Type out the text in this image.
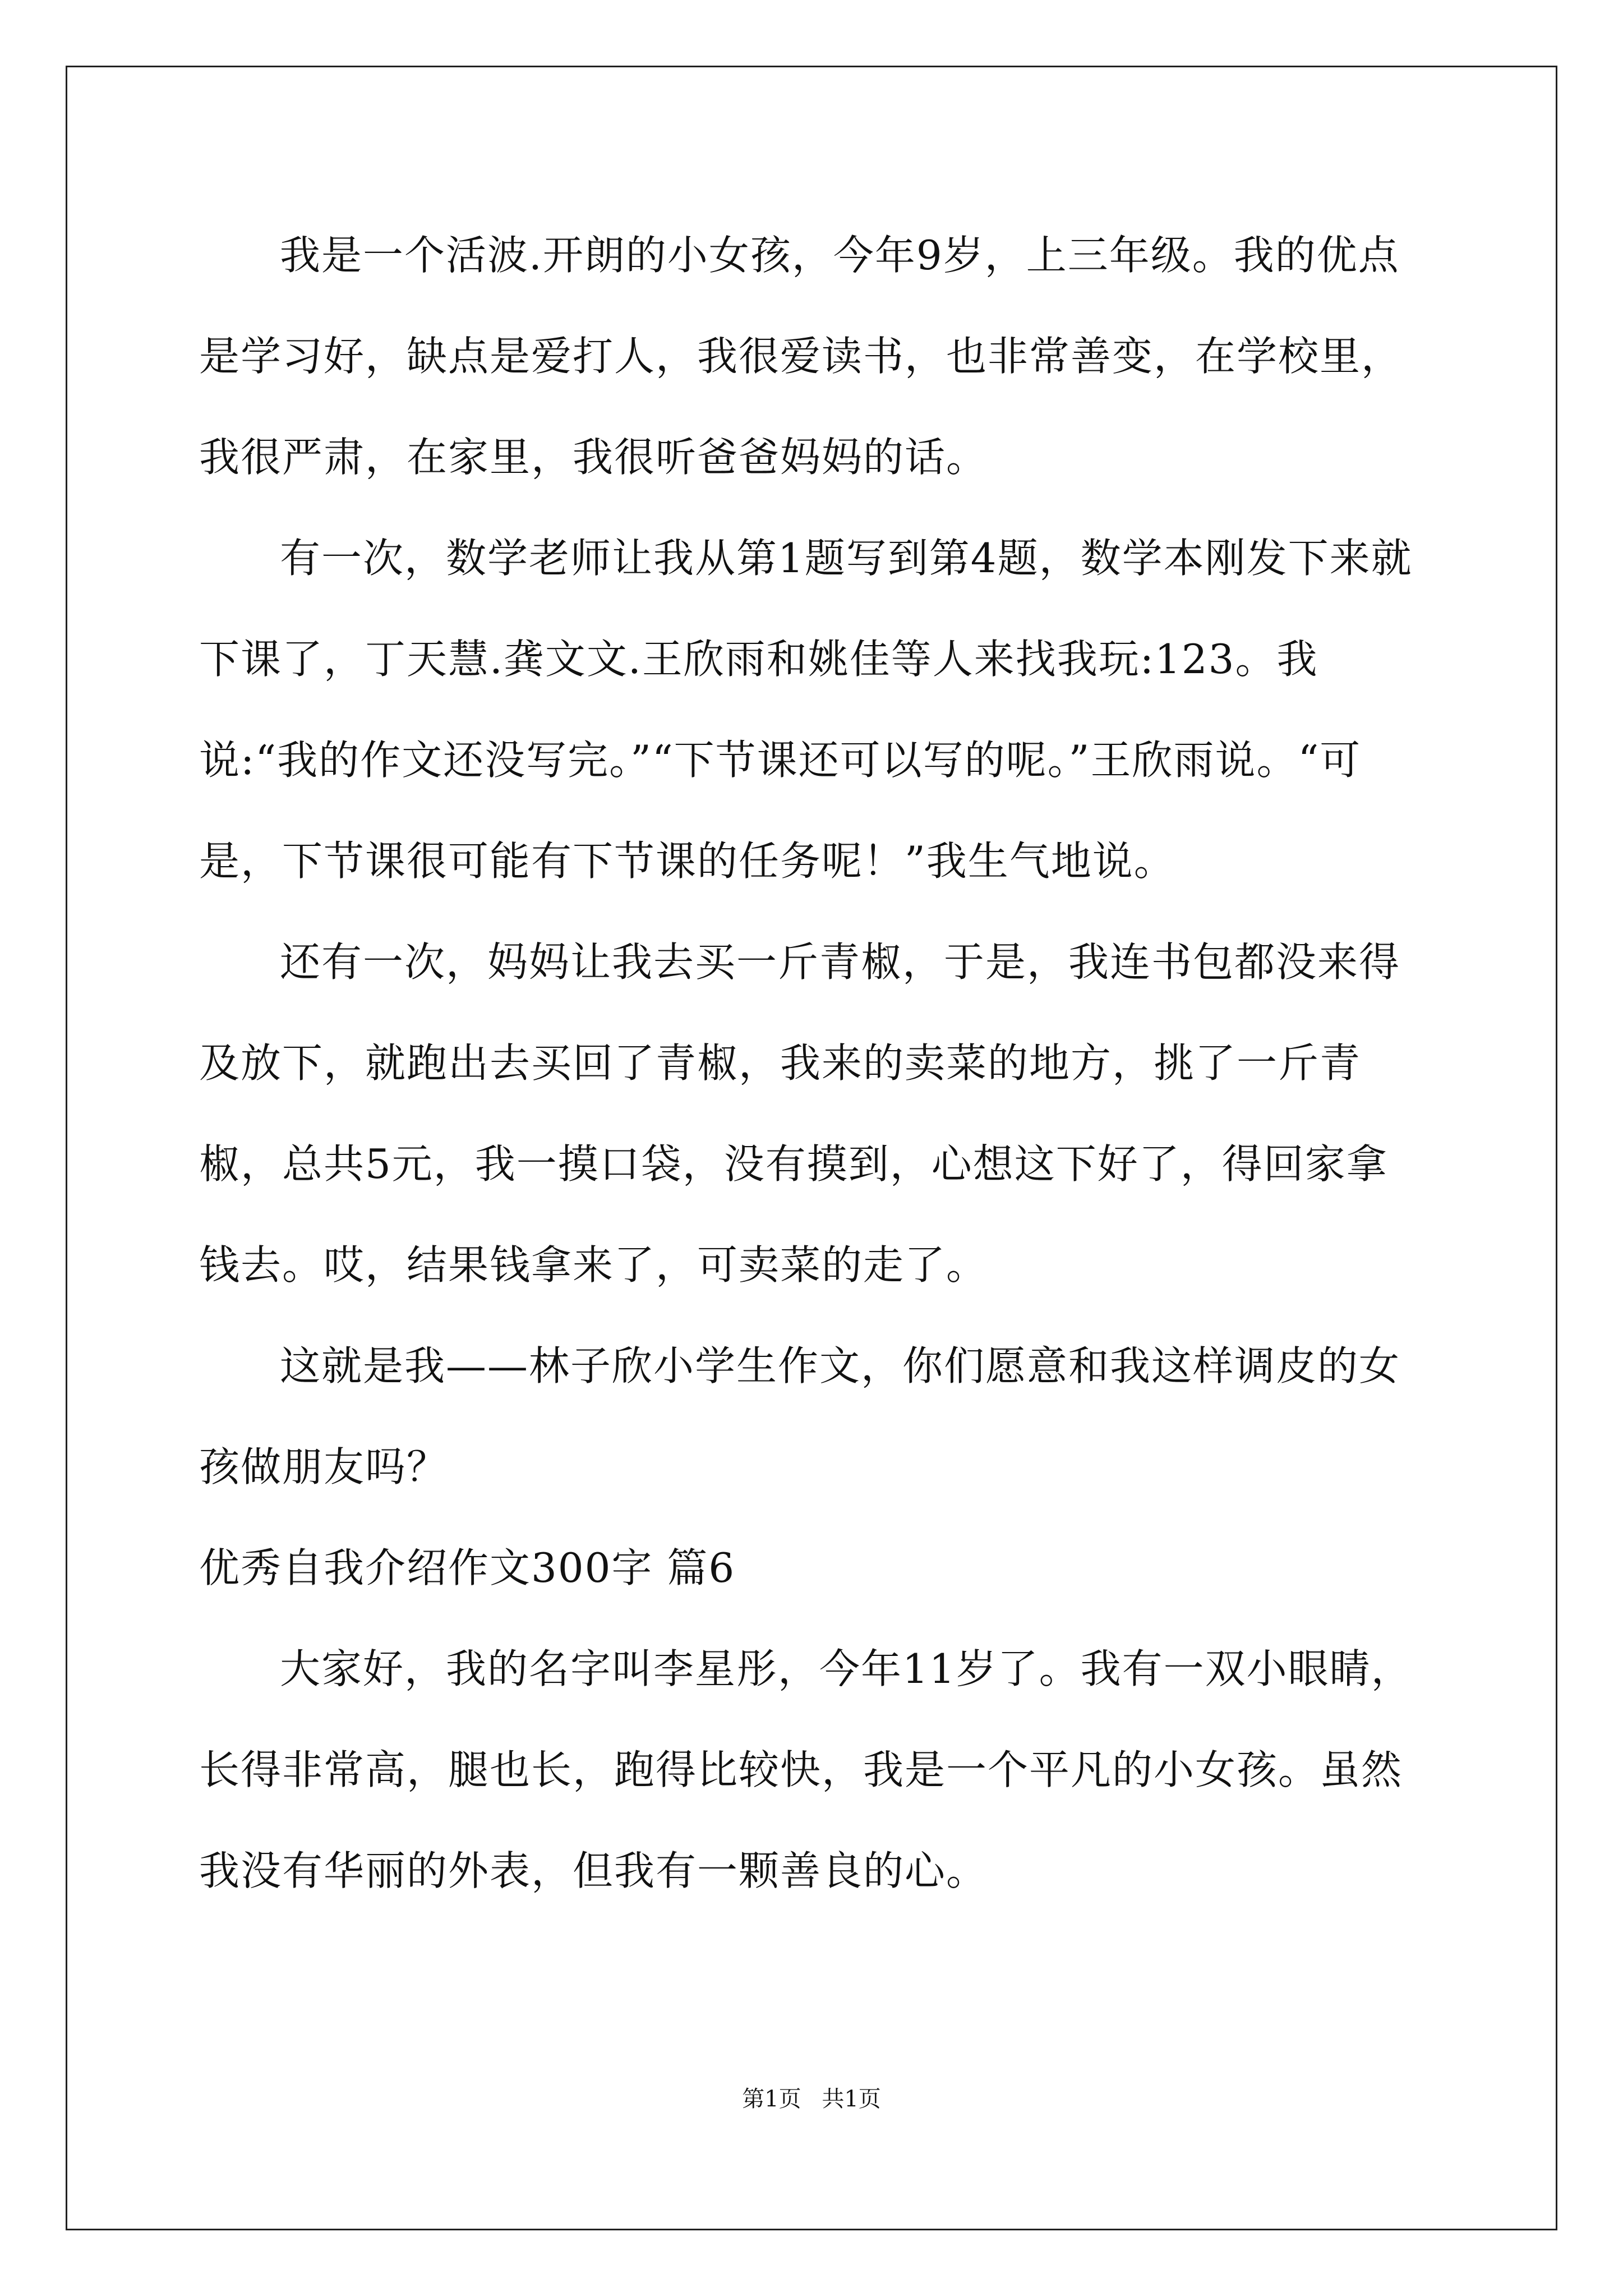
我是一个活波.开朗的小女孩，今年9岁，上三年级。我的优点是学习好，缺点是爱打人，我很爱读书，也非常善变，在学校里，我很严肃，在家里，我很听爸爸妈妈的话。

有一次，数学老师让我从第1题写到第4题，数学本刚发下来就下课了，丁天慧.龚文文.王欣雨和姚佳等人来找我玩:123。我说:“我的作文还没写完。”“下节课还可以写的呢。”王欣雨说。“可是，下节课很可能有下节课的任务呢！”我生气地说。

还有一次，妈妈让我去买一斤青椒，于是，我连书包都没来得及放下，就跑出去买回了青椒，我来的卖菜的地方，挑了一斤青椒，总共5元，我一摸口袋，没有摸到，心想这下好了，得回家拿钱去。哎，结果钱拿来了，可卖菜的走了。

这就是我——林子欣小学生作文，你们愿意和我这样调皮的女孩做朋友吗？

优秀自我介绍作文300字 篇6

大家好，我的名字叫李星彤，今年11岁了。我有一双小眼睛，长得非常高，腿也长，跑得比较快，我是一个平凡的小女孩。虽然我没有华丽的外表，但我有一颗善良的心。

第1页 共1页
